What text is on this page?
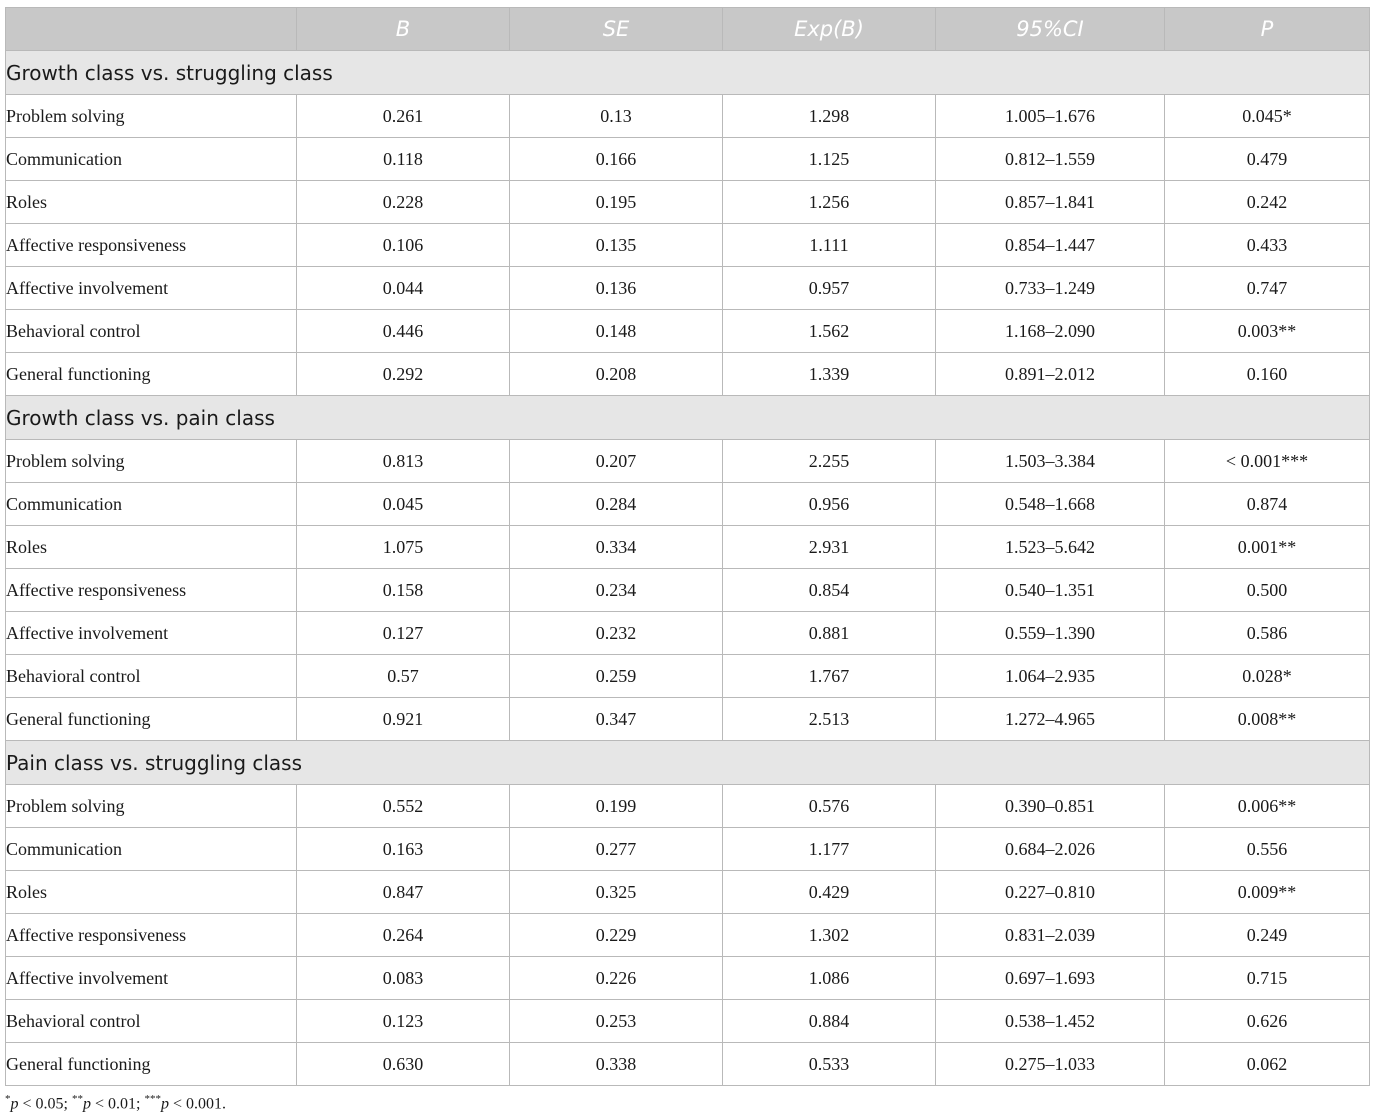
	B	SE	Exp(B)	95%CI	P
Growth class vs. struggling class					
Problem solving	0.261	0.13	1.298	1.005–1.676	0.045*
Communication	0.118	0.166	1.125	0.812–1.559	0.479
Roles	0.228	0.195	1.256	0.857–1.841	0.242
Affective responsiveness	0.106	0.135	1.111	0.854–1.447	0.433
Affective involvement	0.044	0.136	0.957	0.733–1.249	0.747
Behavioral control	0.446	0.148	1.562	1.168–2.090	0.003**
General functioning	0.292	0.208	1.339	0.891–2.012	0.160
Growth class vs. pain class					
Problem solving	0.813	0.207	2.255	1.503–3.384	< 0.001***
Communication	0.045	0.284	0.956	0.548–1.668	0.874
Roles	1.075	0.334	2.931	1.523–5.642	0.001**
Affective responsiveness	0.158	0.234	0.854	0.540–1.351	0.500
Affective involvement	0.127	0.232	0.881	0.559–1.390	0.586
Behavioral control	0.57	0.259	1.767	1.064–2.935	0.028*
General functioning	0.921	0.347	2.513	1.272–4.965	0.008**
Pain class vs. struggling class					
Problem solving	0.552	0.199	0.576	0.390–0.851	0.006**
Communication	0.163	0.277	1.177	0.684–2.026	0.556
Roles	0.847	0.325	0.429	0.227–0.810	0.009**
Affective responsiveness	0.264	0.229	1.302	0.831–2.039	0.249
Affective involvement	0.083	0.226	1.086	0.697–1.693	0.715
Behavioral control	0.123	0.253	0.884	0.538–1.452	0.626
General functioning	0.630	0.338	0.533	0.275–1.033	0.062
*p < 0.05; **p < 0.01; ***p < 0.001.
